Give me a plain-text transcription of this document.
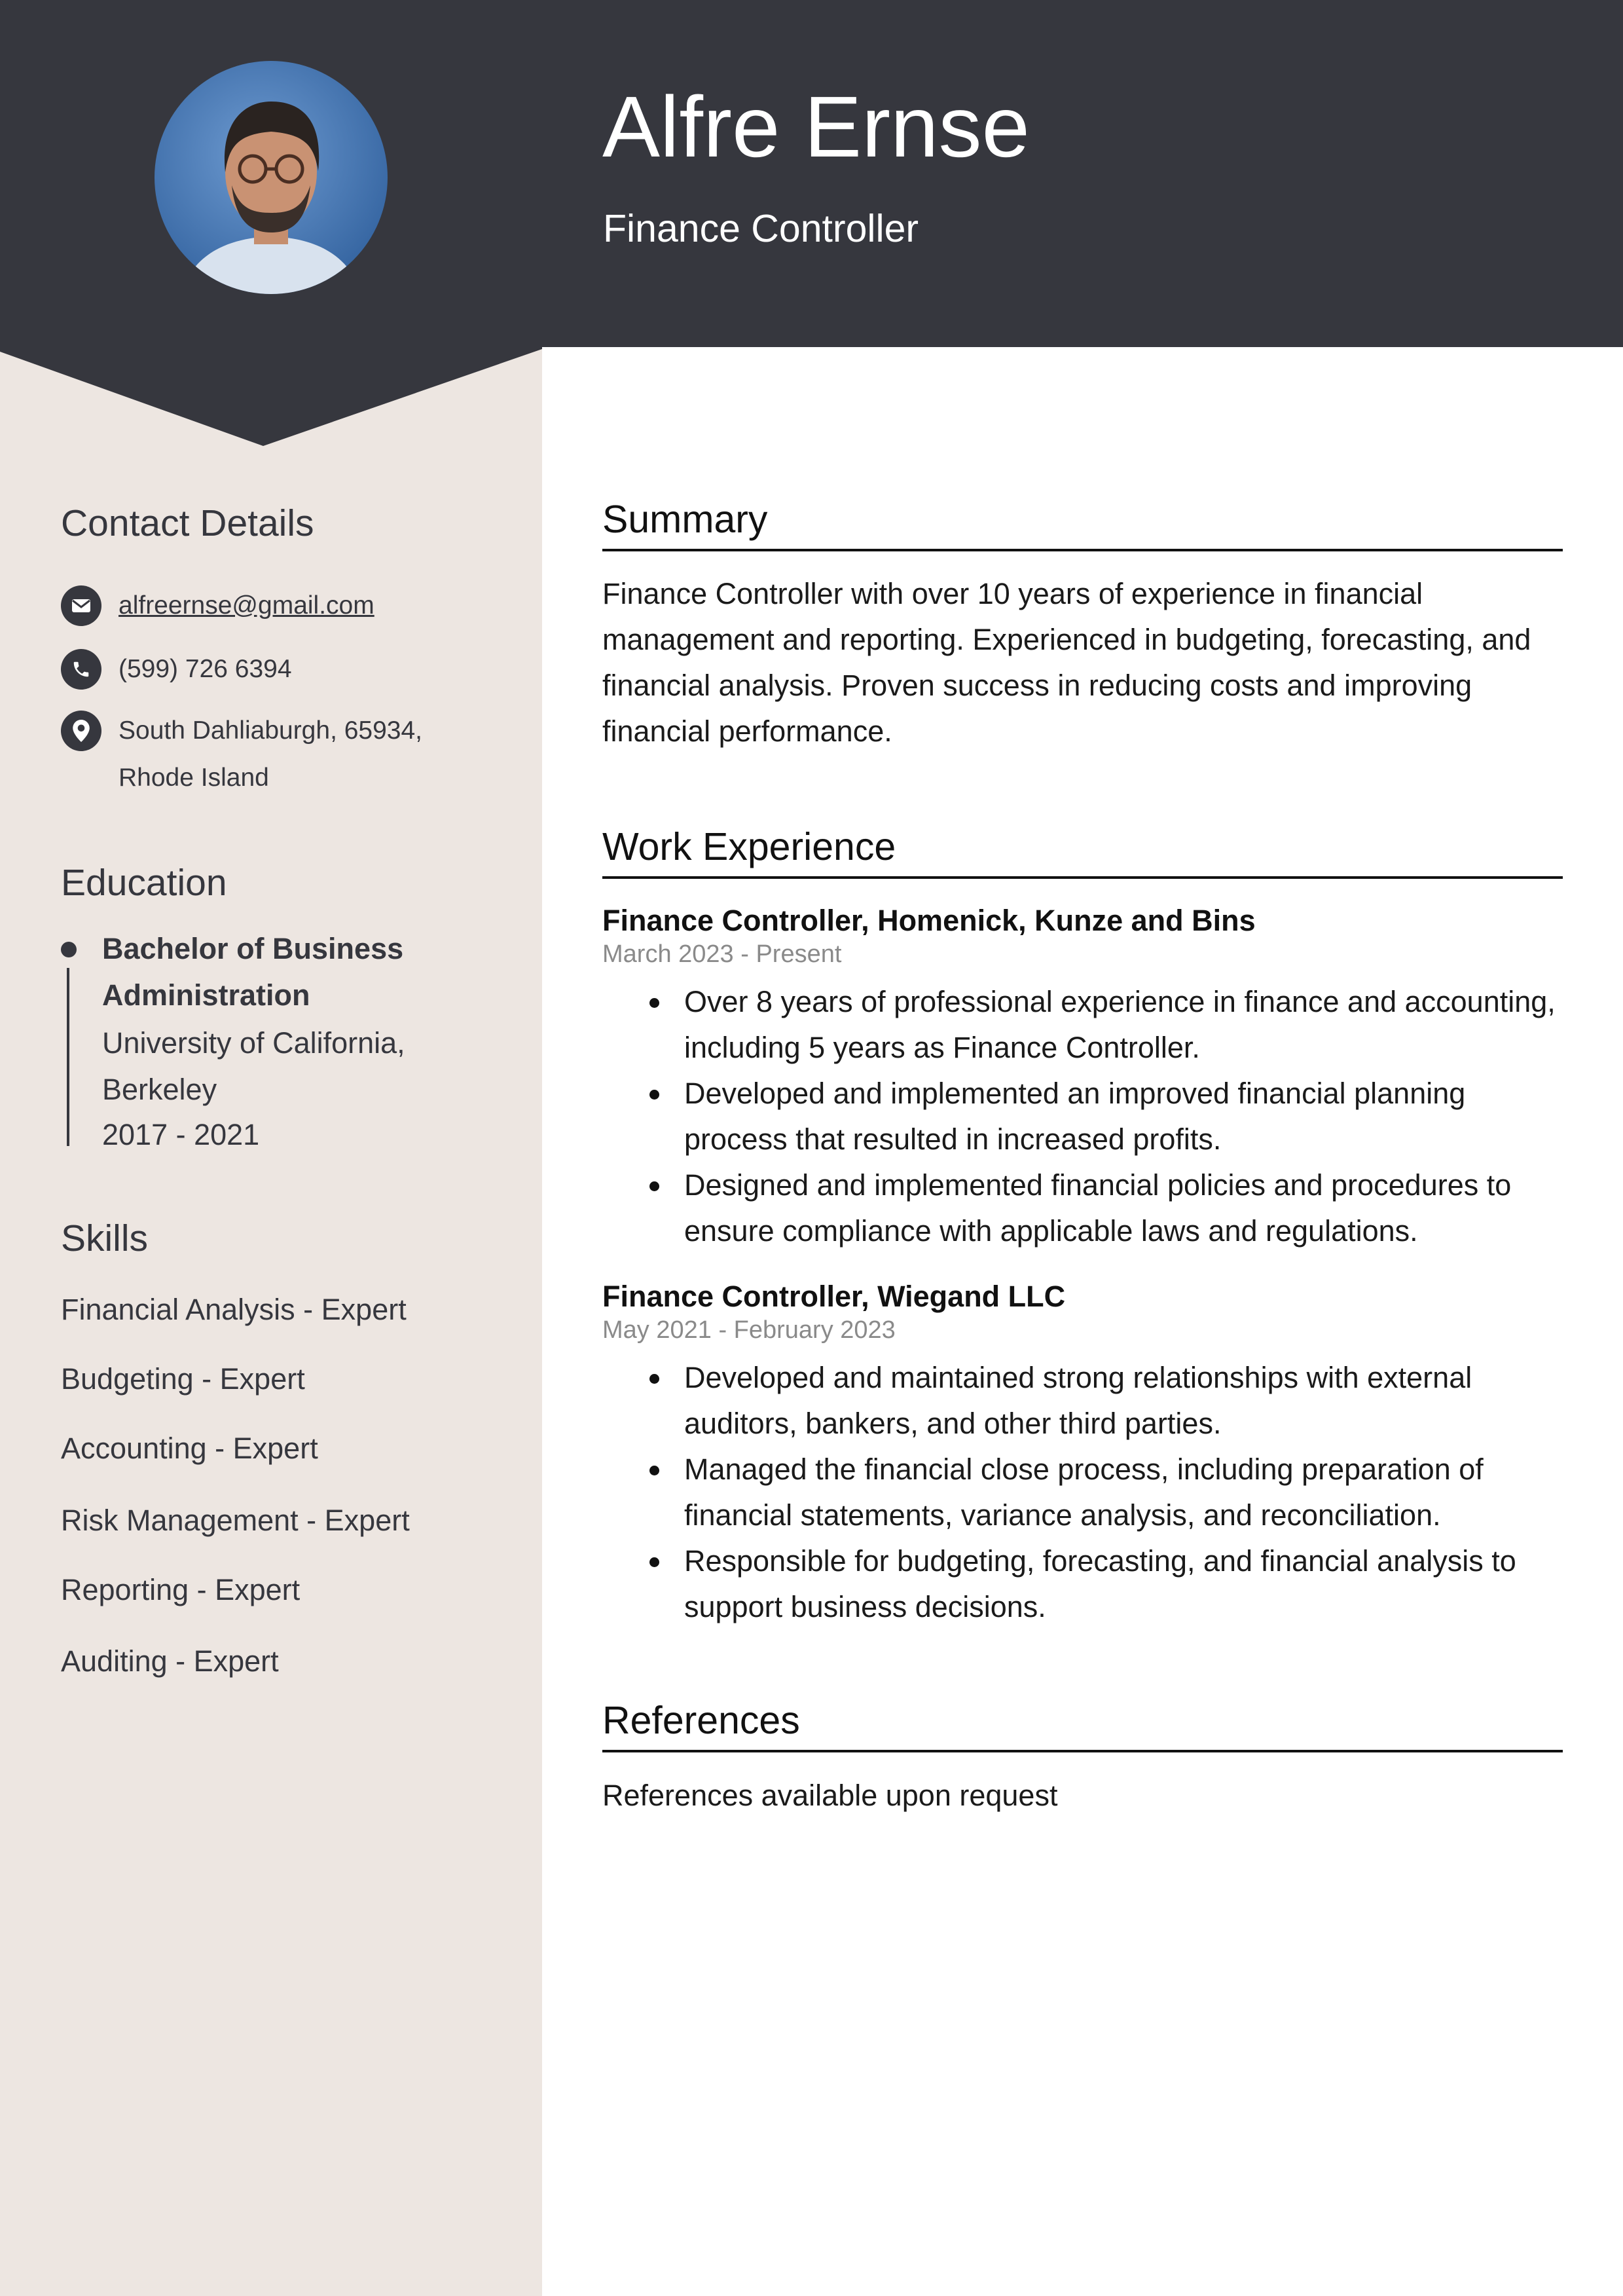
Alfre Ernse
Finance Controller
Contact Details
alfreernse@gmail.com
(599) 726 6394
South Dahliaburgh, 65934,
Rhode Island
Education
Bachelor of Business Administration
University of California, Berkeley
2017 - 2021
Skills
Financial Analysis - Expert
Budgeting - Expert
Accounting - Expert
Risk Management - Expert
Reporting - Expert
Auditing - Expert
Summary

Finance Controller with over 10 years of experience in financial management and reporting. Experienced in budgeting, forecasting, and financial analysis. Proven success in reducing costs and improving financial performance.

Work Experience
Finance Controller, Homenick, Kunze and Bins
March 2023 - Present
Over 8 years of professional experience in finance and accounting, including 5 years as Finance Controller.
Developed and implemented an improved financial planning process that resulted in increased profits.
Designed and implemented financial policies and procedures to ensure compliance with applicable laws and regulations.
Finance Controller, Wiegand LLC
May 2021 - February 2023
Developed and maintained strong relationships with external auditors, bankers, and other third parties.
Managed the financial close process, including preparation of financial statements, variance analysis, and reconciliation.
Responsible for budgeting, forecasting, and financial analysis to support business decisions.
References
References available upon request
